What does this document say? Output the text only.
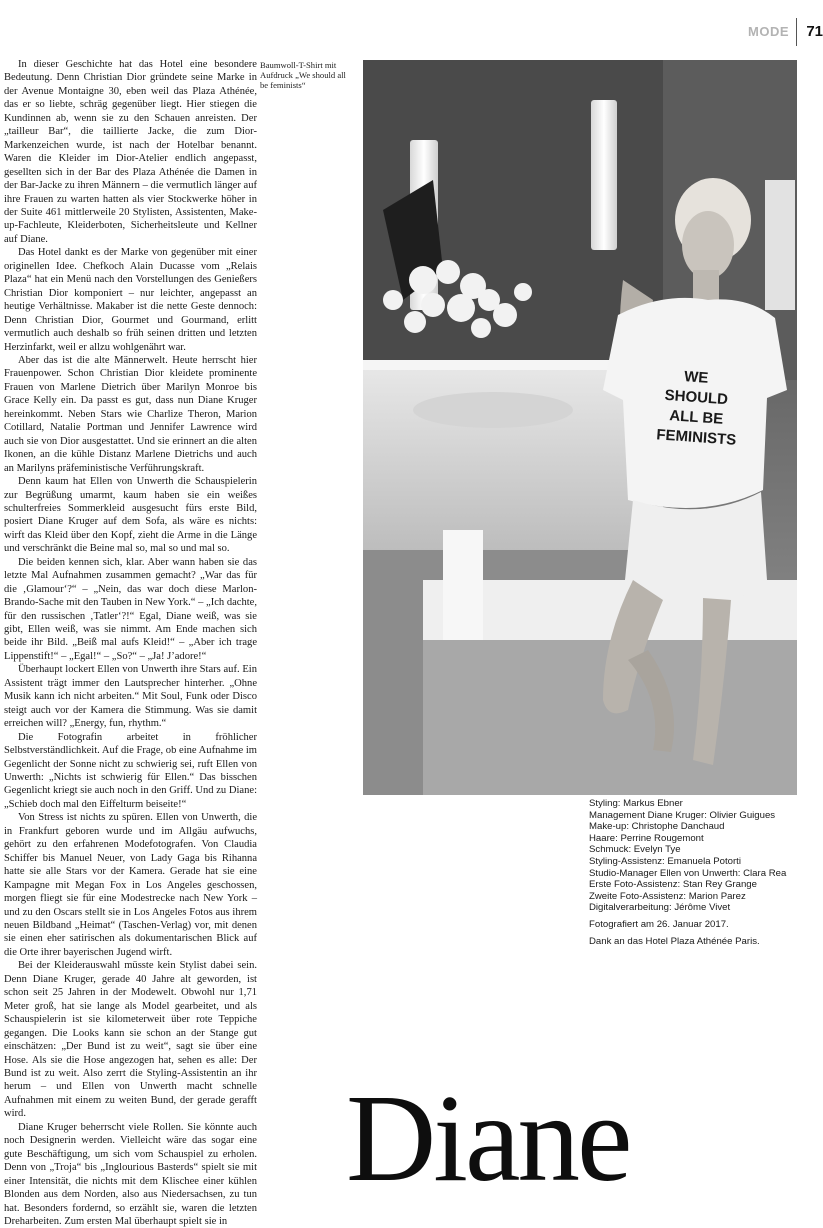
MODE 71

In dieser Geschichte hat das Hotel eine besondere Bedeutung. Denn Christian Dior gründete seine Marke in der Avenue Montaigne 30, eben weil das Plaza Athénée, das er so liebte, schräg gegenüber liegt. Hier stiegen die Kundinnen ab, wenn sie zu den Schauen anreisten. Der „tailleur Bar“, die taillierte Jacke, die zum Dior-Markenzeichen wurde, ist nach der Hotelbar benannt. Waren die Kleider im Dior-Atelier endlich angepasst, gesellten sich in der Bar des Plaza Athénée die Damen in der Bar-Jacke zu ihren Männern – die vermutlich länger auf ihre Frauen zu warten hatten als vier Stockwerke höher in der Suite 461 mittlerweile 20 Stylisten, Assistenten, Make-up-Fachleute, Kleiderboten, Sicherheitsleute und Kellner auf Diane.

Das Hotel dankt es der Marke von gegenüber mit einer originellen Idee. Chefkoch Alain Ducasse vom „Relais Plaza“ hat ein Menü nach den Vorstellungen des Genießers Christian Dior komponiert – nur leichter, angepasst an heutige Verhältnisse. Makaber ist die nette Geste dennoch: Denn Christian Dior, Gourmet und Gourmand, erlitt vermutlich auch deshalb so früh seinen dritten und letzten Herzinfarkt, weil er allzu wohlgenährt war.

Aber das ist die alte Männerwelt. Heute herrscht hier Frauenpower. Schon Christian Dior kleidete prominente Frauen von Marlene Dietrich über Marilyn Monroe bis Grace Kelly ein. Da passt es gut, dass nun Diane Kruger hereinkommt. Neben Stars wie Charlize Theron, Marion Cotillard, Natalie Portman und Jennifer Lawrence wird auch sie von Dior ausgestattet. Und sie erinnert an die alten Ikonen, an die kühle Distanz Marlene Dietrichs und auch an Marilyns präfeministische Verführungskraft.

Denn kaum hat Ellen von Unwerth die Schauspielerin zur Begrüßung umarmt, kaum haben sie ein weißes schulterfreies Sommerkleid ausgesucht fürs erste Bild, posiert Diane Kruger auf dem Sofa, als wäre es nichts: wirft das Kleid über den Kopf, zieht die Arme in die Länge und verschränkt die Beine mal so, mal so und mal so.

Die beiden kennen sich, klar. Aber wann haben sie das letzte Mal Aufnahmen zusammen gemacht? „War das für die ‚Glamour‘?“ – „Nein, das war doch diese Marlon-Brando-Sache mit den Tauben in New York.“ – „Ich dachte, für den russischen ‚Tatler‘?!“ Egal, Diane weiß, was sie gibt, Ellen weiß, was sie nimmt. Am Ende machen sich beide ihr Bild. „Beiß mal aufs Kleid!“ – „Aber ich trage Lippenstift!“ – „Egal!“ – „So?“ – „Ja! J’adore!“

Überhaupt lockert Ellen von Unwerth ihre Stars auf. Ein Assistent trägt immer den Lautsprecher hinterher. „Ohne Musik kann ich nicht arbeiten.“ Mit Soul, Funk oder Disco steigt auch vor der Kamera die Stimmung. Was sie damit erreichen will? „Energy, fun, rhythm.“

Die Fotografin arbeitet in fröhlicher Selbstverständlichkeit. Auf die Frage, ob eine Aufnahme im Gegenlicht der Sonne nicht zu schwierig sei, ruft Ellen von Unwerth: „Nichts ist schwierig für Ellen.“ Das bisschen Gegenlicht kriegt sie auch noch in den Griff. Und zu Diane: „Schieb doch mal den Eiffelturm beiseite!“

Von Stress ist nichts zu spüren. Ellen von Unwerth, die in Frankfurt geboren wurde und im Allgäu aufwuchs, gehört zu den erfahrenen Modefotografen. Von Claudia Schiffer bis Manuel Neuer, von Lady Gaga bis Rihanna hatte sie alle Stars vor der Kamera. Gerade hat sie eine Kampagne mit Megan Fox in Los Angeles geschossen, morgen fliegt sie für eine Modestrecke nach New York – und zu den Oscars stellt sie in Los Angeles Fotos aus ihrem neuen Bildband „Heimat“ (Taschen-Verlag) vor, mit denen sie einen eher satirischen als dokumentarischen Blick auf die Orte ihrer bayerischen Jugend wirft.

Bei der Kleiderauswahl müsste kein Stylist dabei sein. Denn Diane Kruger, gerade 40 Jahre alt geworden, ist schon seit 25 Jahren in der Modewelt. Obwohl nur 1,71 Meter groß, hat sie lange als Model gearbeitet, und als Schauspielerin ist sie kilometerweit über rote Teppiche gegangen. Die Looks kann sie schon an der Stange gut einschätzen: „Der Bund ist zu weit“, sagt sie über eine Hose. Als sie die Hose angezogen hat, sehen es alle: Der Bund ist zu weit. Also zerrt die Styling-Assistentin an ihr herum – und Ellen von Unwerth macht schnelle Aufnahmen mit einem zu weiten Bund, der gerade gerafft wird.

Diane Kruger beherrscht viele Rollen. Sie könnte auch noch Designerin werden. Vielleicht wäre das sogar eine gute Beschäftigung, um sich vom Schauspiel zu erholen. Denn von „Troja“ bis „Inglourious Basterds“ spielt sie mit einer Intensität, die nichts mit dem Klischee einer kühlen Blonden aus dem Norden, also aus Niedersachsen, zu tun hat. Besonders fordernd, so erzählt sie, waren die letzten Dreharbeiten. Zum ersten Mal überhaupt spielt sie in

Baumwoll-T-Shirt mit Aufdruck „We should all be feminists“
WE
SHOULD
ALL BE
FEMINISTS
Styling: Markus Ebner
Management Diane Kruger: Olivier Guigues
Make-up: Christophe Danchaud
Haare: Perrine Rougemont
Schmuck: Evelyn Tye
Styling-Assistenz: Emanuela Potorti
Studio-Manager Ellen von Unwerth: Clara Rea
Erste Foto-Assistenz: Stan Rey Grange
Zweite Foto-Assistenz: Marion Parez
Digitalverarbeitung: Jérôme Vivet
Fotografiert am 26. Januar 2017.
Dank an das Hotel Plaza Athénée Paris.
Diane
